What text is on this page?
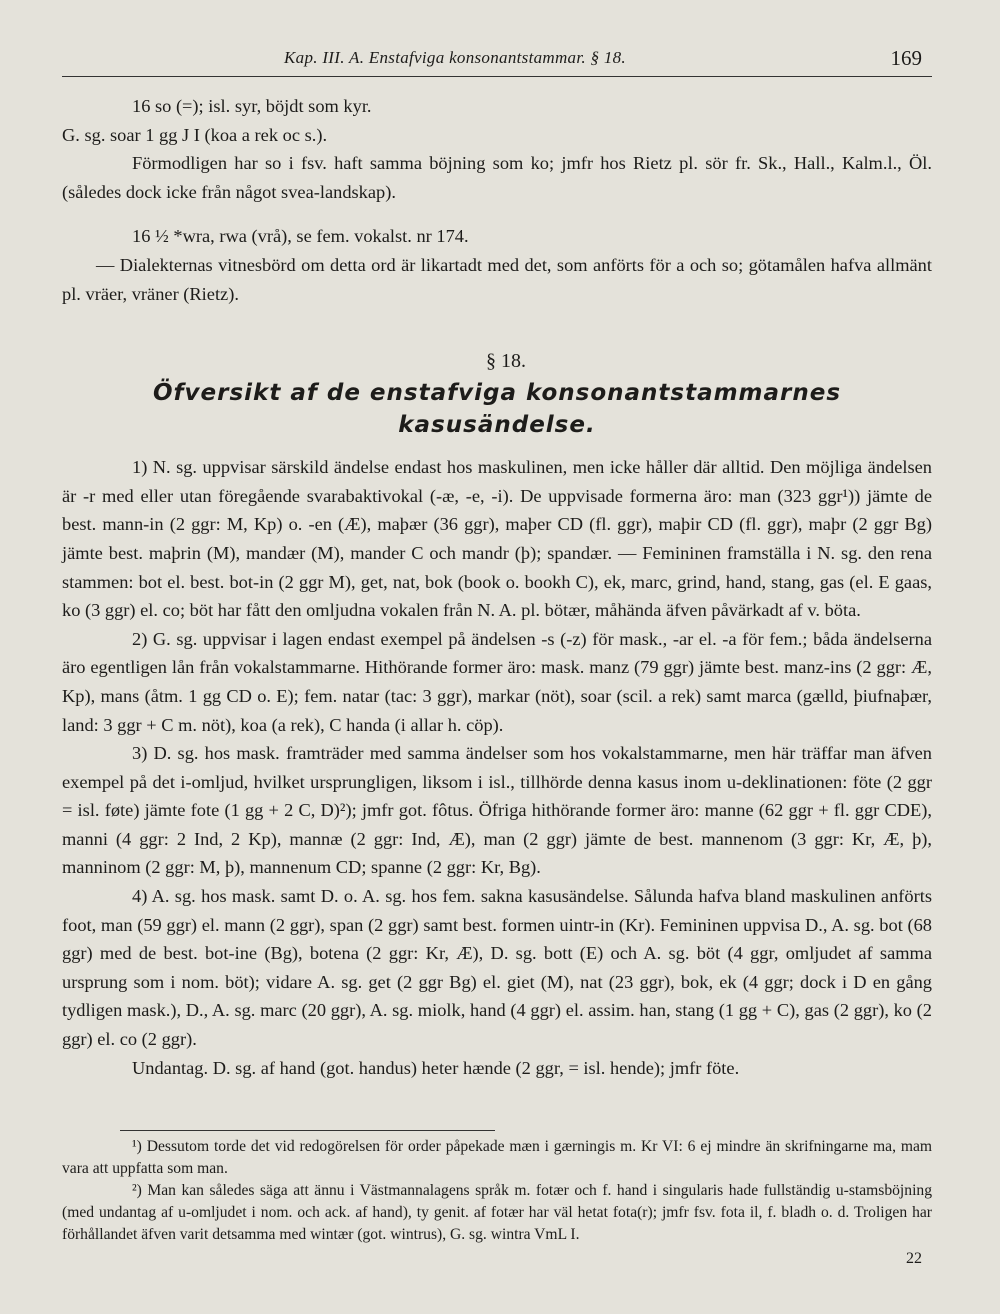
Kap. III. A. Enstafviga konsonantstammar. § 18.	169

16 so (=); isl. syr, böjdt som kyr.

G. sg. soar 1 gg J I (koa a rek oc s.).

Förmodligen har so i fsv. haft samma böjning som ko; jmfr hos Rietz pl. sör fr. Sk., Hall., Kalm.l., Öl. (således dock icke från något svea-landskap).

16 ½ *wra, rwa (vrå), se fem. vokalst. nr 174.

— Dialekternas vitnesbörd om detta ord är likartadt med det, som anförts för a och so; götamålen hafva allmänt pl. vräer, vräner (Rietz).

§ 18.
Öfversikt af de enstafviga konsonantstammarnes
kasusändelse.

1) N. sg. uppvisar särskild ändelse endast hos maskulinen, men icke håller där alltid. Den möjliga ändelsen är -r med eller utan föregående svarabaktivokal (-æ, -e, -i). De uppvisade formerna äro: man (323 ggr¹)) jämte de best. mann-in (2 ggr: M, Kp) o. -en (Æ), maþær (36 ggr), maþer CD (fl. ggr), maþir CD (fl. ggr), maþr (2 ggr Bg) jämte best. maþrin (M), mandær (M), mander C och mandr (þ); spandær. — Femininen framställa i N. sg. den rena stammen: bot el. best. bot-in (2 ggr M), get, nat, bok (book o. bookh C), ek, marc, grind, hand, stang, gas (el. E gaas, ko (3 ggr) el. co; böt har fått den omljudna vokalen från N. A. pl. bötær, måhända äfven påvärkadt af v. böta.

2) G. sg. uppvisar i lagen endast exempel på ändelsen -s (-z) för mask., -ar el. -a för fem.; båda ändelserna äro egentligen lån från vokalstammarne. Hithörande former äro: mask. manz (79 ggr) jämte best. manz-ins (2 ggr: Æ, Kp), mans (åtm. 1 gg CD o. E); fem. natar (tac: 3 ggr), markar (nöt), soar (scil. a rek) samt marca (gælld, þiufnaþær, land: 3 ggr + C m. nöt), koa (a rek), C handa (i allar h. cöp).

3) D. sg. hos mask. framträder med samma ändelser som hos vokalstammarne, men här träffar man äfven exempel på det i-omljud, hvilket ursprungligen, liksom i isl., tillhörde denna kasus inom u-deklinationen: föte (2 ggr = isl. føte) jämte fote (1 gg + 2 C, D)²); jmfr got. fôtus. Öfriga hithörande former äro: manne (62 ggr + fl. ggr CDE), manni (4 ggr: 2 Ind, 2 Kp), mannæ (2 ggr: Ind, Æ), man (2 ggr) jämte de best. mannenom (3 ggr: Kr, Æ, þ), manninom (2 ggr: M, þ), mannenum CD; spanne (2 ggr: Kr, Bg).

4) A. sg. hos mask. samt D. o. A. sg. hos fem. sakna kasusändelse. Sålunda hafva bland maskulinen anförts foot, man (59 ggr) el. mann (2 ggr), span (2 ggr) samt best. formen uintr-in (Kr). Femininen uppvisa D., A. sg. bot (68 ggr) med de best. bot-ine (Bg), botena (2 ggr: Kr, Æ), D. sg. bott (E) och A. sg. böt (4 ggr, omljudet af samma ursprung som i nom. böt); vidare A. sg. get (2 ggr Bg) el. giet (M), nat (23 ggr), bok, ek (4 ggr; dock i D en gång tydligen mask.), D., A. sg. marc (20 ggr), A. sg. miolk, hand (4 ggr) el. assim. han, stang (1 gg + C), gas (2 ggr), ko (2 ggr) el. co (2 ggr).

Undantag. D. sg. af hand (got. handus) heter hænde (2 ggr, = isl. hende); jmfr föte.

¹) Dessutom torde det vid redogörelsen för order påpekade mæn i gærningis m. Kr VI: 6 ej mindre än skrifningarne ma, mam vara att uppfatta som man.

²) Man kan således säga att ännu i Västmannalagens språk m. fotær och f. hand i singularis hade fullständig u-stamsböjning (med undantag af u-omljudet i nom. och ack. af hand), ty genit. af fotær har väl hetat fota(r); jmfr fsv. fota il, f. bladh o. d. Troligen har förhållandet äfven varit detsamma med wintær (got. wintrus), G. sg. wintra VmL I.

22
